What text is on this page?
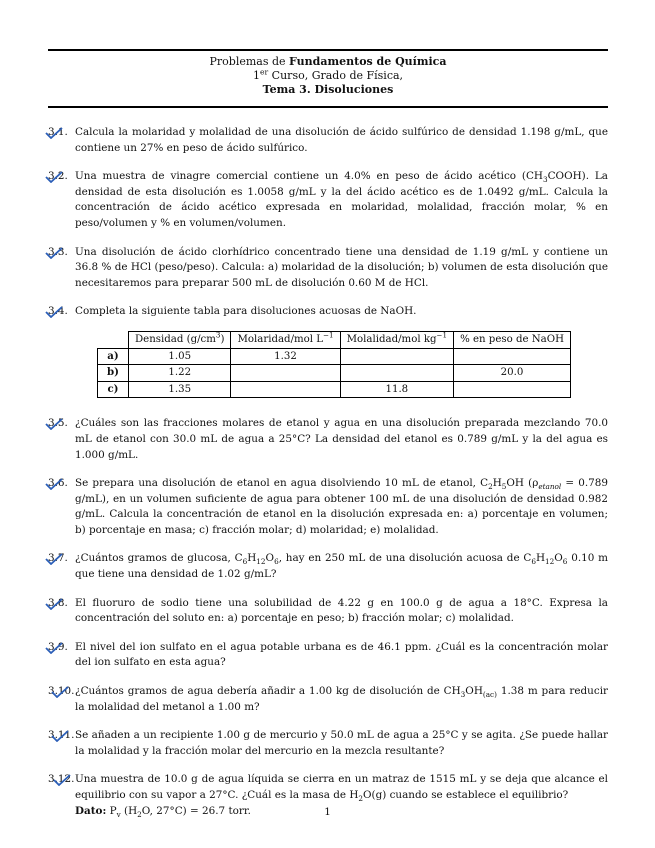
Problemas de Fundamentos de Química
1er Curso, Grado de Física,
Tema 3. Disoluciones
3.1. Calcula la molaridad y molalidad de una disolución de ácido sulfúrico de densidad 1.198 g/mL, que contiene un 27% en peso de ácido sulfúrico.
3.2. Una muestra de vinagre comercial contiene un 4.0% en peso de ácido acético $(CH_3COOH)$. La densidad de esta disolución es 1.0058 g/mL y la del ácido acético es de 1.0492 g/mL. Calcula la concentración de ácido acético expresada en molaridad, molalidad, fracción molar, % en peso/volumen y % en volumen/volumen.
3.3. Una disolución de ácido clorhídrico concentrado tiene una densidad de 1.19 g/mL y contiene un 36.8 % de HCl (peso/peso). Calcula: a) molaridad de la disolución; b) volumen de esta disolución que necesitaremos para preparar 500 mL de disolución 0.60 M de HCl.
3.4. Completa la siguiente tabla para disoluciones acuosas de NaOH.
	Densidad $(g/cm^3)$	Molaridad/mol $L^{-1}$	Molalidad/mol $kg^{-1}$	% en peso de NaOH
a)	1.05	1.32		
b)	1.22			20.0
c)	1.35		11.8	
3.5. ¿Cuáles son las fracciones molares de etanol y agua en una disolución preparada mezclando 70.0 mL de etanol con 30.0 mL de agua a 25°C? La densidad del etanol es 0.789 g/mL y la del agua es 1.000 g/mL.
3.6. Se prepara una disolución de etanol en agua disolviendo 10 mL de etanol, $C_2H_5OH$ ($\rho_{etanol} = 0.789$ g/mL), en un volumen suficiente de agua para obtener 100 mL de una disolución de densidad 0.982 g/mL. Calcula la concentración de etanol en la disolución expresada en: a) porcentaje en volumen; b) porcentaje en masa; c) fracción molar; d) molaridad; e) molalidad.
3.7. ¿Cuántos gramos de glucosa, $C_6H_{12}O_6$, hay en 250 mL de una disolución acuosa de $C_6H_{12}O_6$ 0.10 m que tiene una densidad de 1.02 g/mL?
3.8. El fluoruro de sodio tiene una solubilidad de 4.22 g en 100.0 g de agua a 18°C. Expresa la concentración del soluto en: a) porcentaje en peso; b) fracción molar; c) molalidad.
3.9. El nivel del ion sulfato en el agua potable urbana es de 46.1 ppm. ¿Cuál es la concentración molar del ion sulfato en esta agua?
3.10. ¿Cuántos gramos de agua debería añadir a 1.00 kg de disolución de $CH_3OH_{(ac)}$ 1.38 m para reducir la molalidad del metanol a 1.00 m?
3.11. Se añaden a un recipiente 1.00 g de mercurio y 50.0 mL de agua a 25°C y se agita. ¿Se puede hallar la molalidad y la fracción molar del mercurio en la mezcla resultante?
3.12. Una muestra de 10.0 g de agua líquida se cierra en un matraz de 1515 mL y se deja que alcance el equilibrio con su vapor a 27°C. ¿Cuál es la masa de $H_2O(g)$ cuando se establece el equilibrio?
Dato: $P_v$ ($H_2O$, 27°C) = 26.7 torr.	1
